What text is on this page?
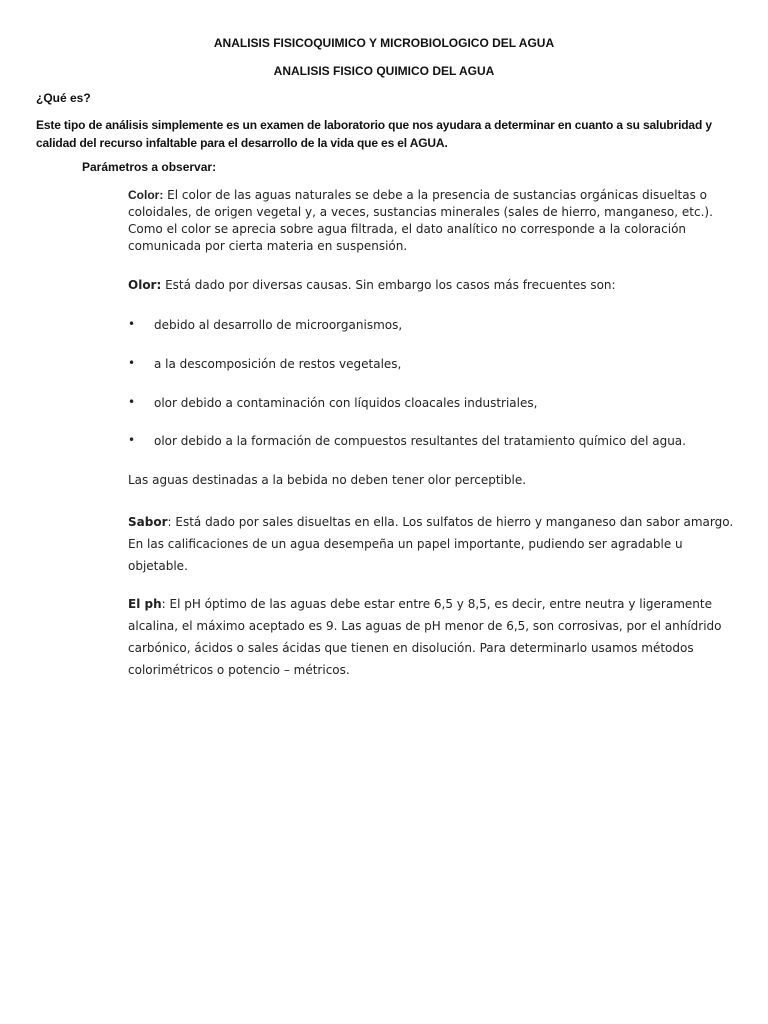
ANALISIS FISICOQUIMICO Y MICROBIOLOGICO DEL AGUA
ANALISIS FISICO QUIMICO DEL AGUA
¿Qué es?
Este tipo de análisis simplemente es un examen de laboratorio que nos ayudara a determinar en cuanto a su salubridad y calidad del recurso infaltable para el desarrollo de la vida que es el AGUA.
Parámetros a observar:
Color: El color de las aguas naturales se debe a la presencia de sustancias orgánicas disueltas o coloidales, de origen vegetal y, a veces, sustancias minerales (sales de hierro, manganeso, etc.). Como el color se aprecia sobre agua filtrada, el dato analítico no corresponde a la coloración comunicada por cierta materia en suspensión.
Olor: Está dado por diversas causas. Sin embargo los casos más frecuentes son:
• debido al desarrollo de microorganismos,
• a la descomposición de restos vegetales,
• olor debido a contaminación con líquidos cloacales industriales,
• olor debido a la formación de compuestos resultantes del tratamiento químico del agua.
Las aguas destinadas a la bebida no deben tener olor perceptible.
Sabor: Está dado por sales disueltas en ella. Los sulfatos de hierro y manganeso dan sabor amargo. En las calificaciones de un agua desempeña un papel importante, pudiendo ser agradable u objetable.
El ph: El pH óptimo de las aguas debe estar entre 6,5 y 8,5, es decir, entre neutra y ligeramente alcalina, el máximo aceptado es 9. Las aguas de pH menor de 6,5, son corrosivas, por el anhídrido carbónico, ácidos o sales ácidas que tienen en disolución. Para determinarlo usamos métodos colorimétricos o potencio – métricos.
